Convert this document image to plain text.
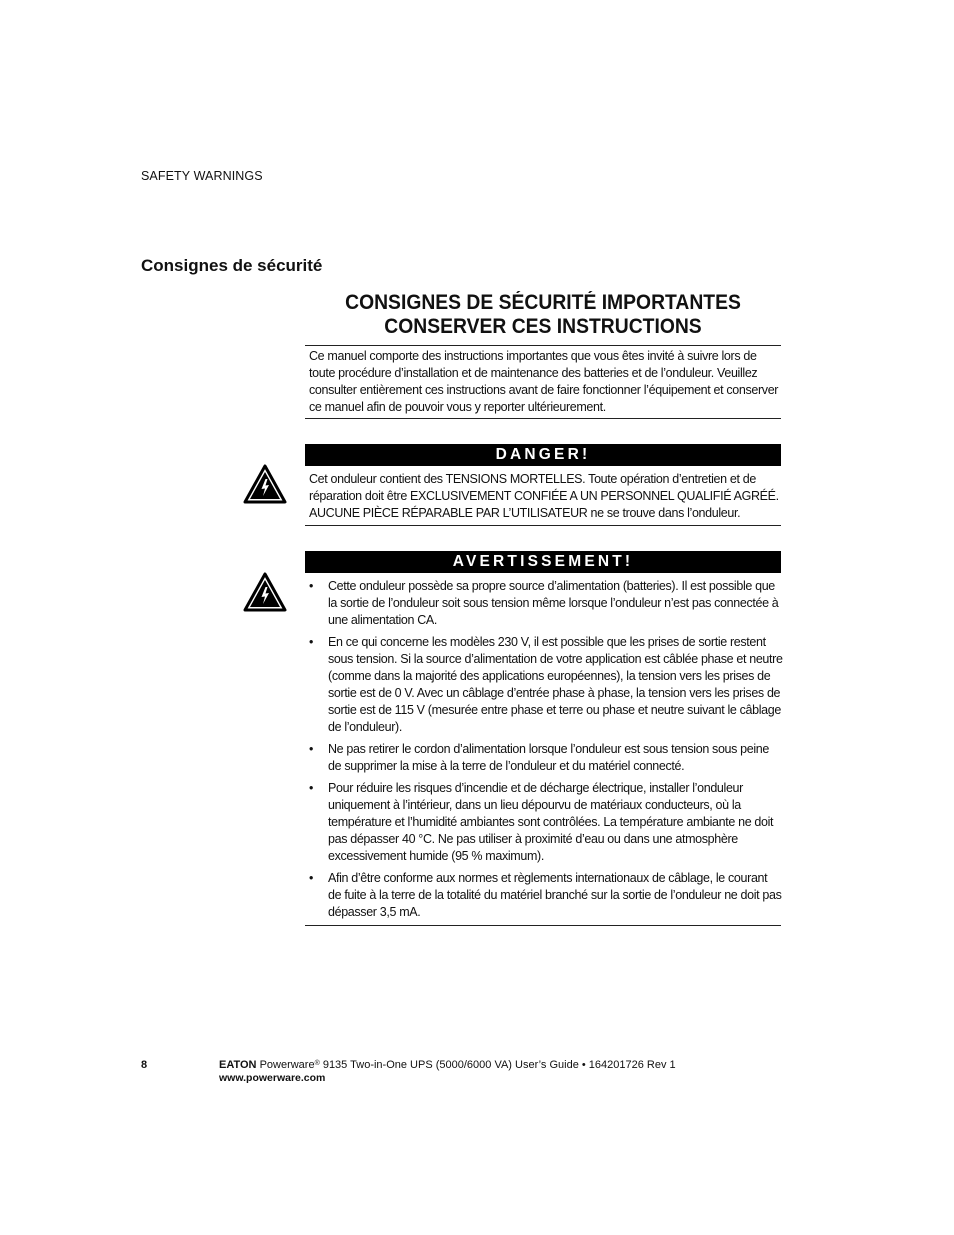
SAFETY WARNINGS
Consignes de sécurité
CONSIGNES DE SÉCURITÉ IMPORTANTES
CONSERVER CES INSTRUCTIONS
Ce manuel comporte des instructions importantes que vous êtes invité à suivre lors de toute procédure d’installation et de maintenance des batteries et de l’onduleur. Veuillez consulter entièrement ces instructions avant de faire fonctionner l’équipement et conserver ce manuel afin de pouvoir vous y reporter ultérieurement.
DANGER!
Cet onduleur contient des TENSIONS MORTELLES. Toute opération d’entretien et de réparation doit être EXCLUSIVEMENT CONFIÉE A UN PERSONNEL QUALIFIÉ AGRÉÉ. AUCUNE PIÈCE RÉPARABLE PAR L’UTILISATEUR ne se trouve dans l’onduleur.
AVERTISSEMENT!
• Cette onduleur possède sa propre source d’alimentation (batteries). Il est possible que la sortie de l’onduleur soit sous tension même lorsque l’onduleur n’est pas connectée à une alimentation CA.
• En ce qui concerne les modèles 230 V, il est possible que les prises de sortie restent sous tension. Si la source d’alimentation de votre application est câblée phase et neutre (comme dans la majorité des applications européennes), la tension vers les prises de sortie est de 0 V. Avec un câblage d’entrée phase à phase, la tension vers les prises de sortie est de 115 V (mesurée entre phase et terre ou phase et neutre suivant le câblage de l’onduleur).
• Ne pas retirer le cordon d’alimentation lorsque l’onduleur est sous tension sous peine de supprimer la mise à la terre de l’onduleur et du matériel connecté.
• Pour réduire les risques d’incendie et de décharge électrique, installer l’onduleur uniquement à l’intérieur, dans un lieu dépourvu de matériaux conducteurs, où la température et l’humidité ambiantes sont contrôlées. La température ambiante ne doit pas dépasser 40 °C. Ne pas utiliser à proximité d’eau ou dans une atmosphère excessivement humide (95 % maximum).
• Afin d’être conforme aux normes et règlements internationaux de câblage, le courant de fuite à la terre de la totalité du matériel branché sur la sortie de l’onduleur ne doit pas dépasser 3,5 mA.
8	EATON Powerware® 9135 Two-in-One UPS (5000/6000 VA) User’s Guide • 164201726 Rev 1
www.powerware.com
